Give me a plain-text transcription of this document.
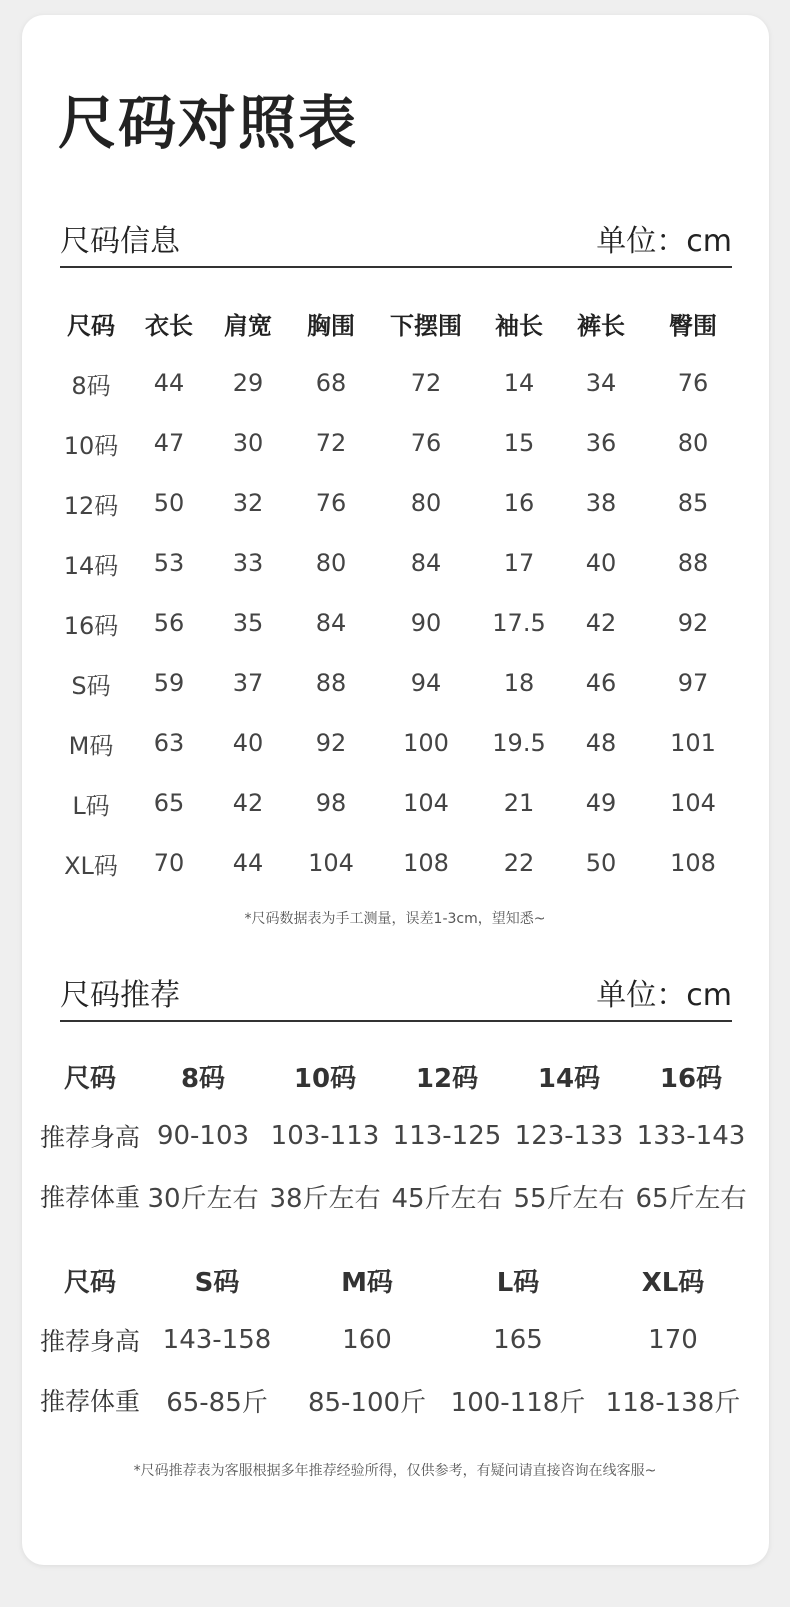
尺码对照表
尺码信息	单位：cm
尺码	衣长	肩宽	胸围	下摆围	袖长	裤长	臀围
8码	44	29	68	72	14	34	76
10码	47	30	72	76	15	36	80
12码	50	32	76	80	16	38	85
14码	53	33	80	84	17	40	88
16码	56	35	84	90	17.5	42	92
S码	59	37	88	94	18	46	97
M码	63	40	92	100	19.5	48	101
L码	65	42	98	104	21	49	104
XL码	70	44	104	108	22	50	108
*尺码数据表为手工测量，误差1-3cm，望知悉~
尺码推荐	单位：cm
尺码	8码	10码	12码	14码	16码
推荐身高	90-103	103-113	113-125	123-133	133-143
推荐体重	30斤左右	38斤左右	45斤左右	55斤左右	65斤左右
尺码	S码	M码	L码	XL码
推荐身高	143-158	160	165	170
推荐体重	65-85斤	85-100斤	100-118斤	118-138斤
*尺码推荐表为客服根据多年推荐经验所得，仅供参考，有疑问请直接咨询在线客服~
